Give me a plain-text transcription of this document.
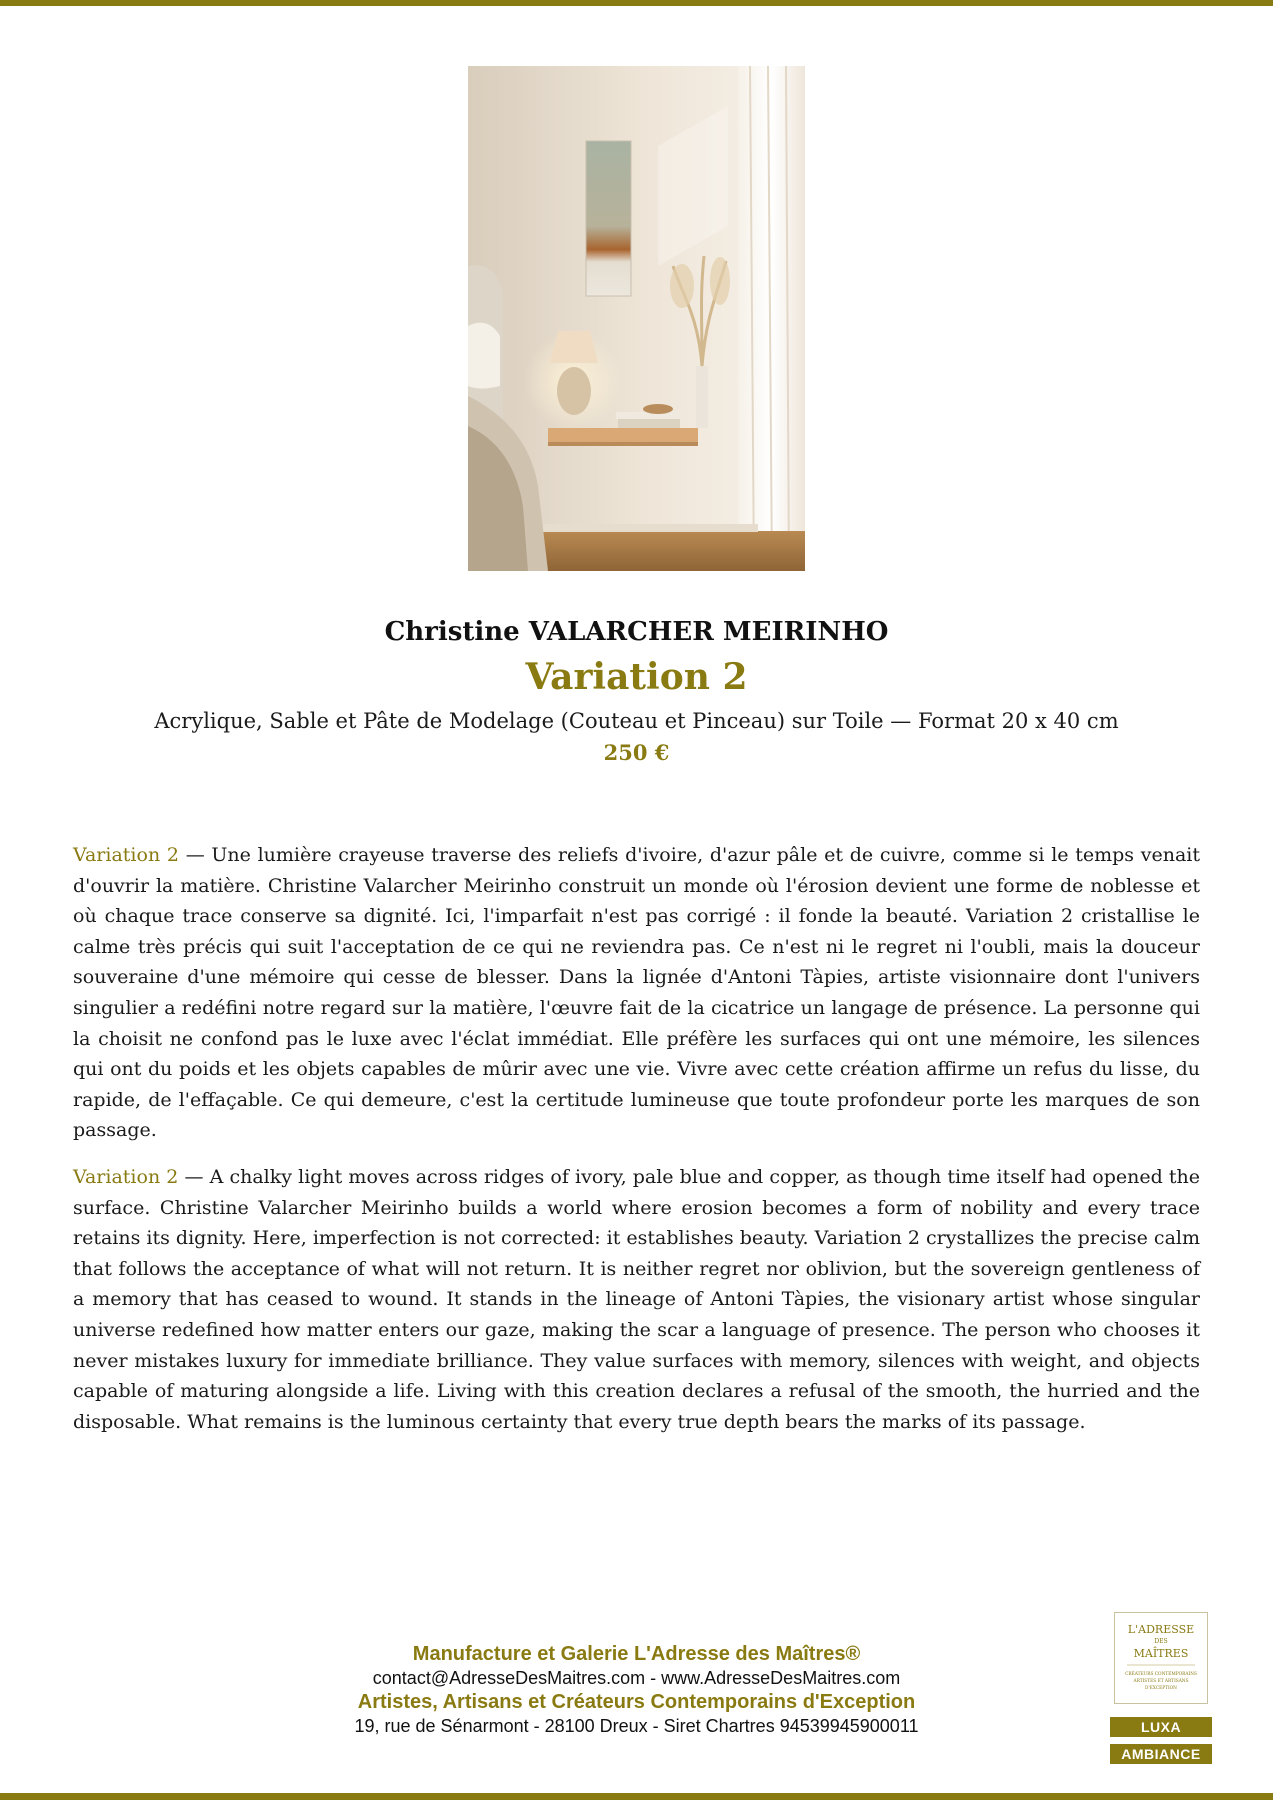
Christine VALARCHER MEIRINHO
Variation 2
Acrylique, Sable et Pâte de Modelage (Couteau et Pinceau) sur Toile — Format 20 x 40 cm
250 €

Variation 2 — Une lumière crayeuse traverse des reliefs d'ivoire, d'azur pâle et de cuivre, comme si le temps venait d'ouvrir la matière. Christine Valarcher Meirinho construit un monde où l'érosion devient une forme de noblesse et où chaque trace conserve sa dignité. Ici, l'imparfait n'est pas corrigé : il fonde la beauté. Variation 2 cristallise le calme très précis qui suit l'acceptation de ce qui ne reviendra pas. Ce n'est ni le regret ni l'oubli, mais la douceur souveraine d'une mémoire qui cesse de blesser. Dans la lignée d'Antoni Tàpies, artiste visionnaire dont l'univers singulier a redéfini notre regard sur la matière, l'œuvre fait de la cicatrice un langage de présence. La personne qui la choisit ne confond pas le luxe avec l'éclat immédiat. Elle préfère les surfaces qui ont une mémoire, les silences qui ont du poids et les objets capables de mûrir avec une vie. Vivre avec cette création affirme un refus du lisse, du rapide, de l'effaçable. Ce qui demeure, c'est la certitude lumineuse que toute profondeur porte les marques de son passage.

Variation 2 — A chalky light moves across ridges of ivory, pale blue and copper, as though time itself had opened the surface. Christine Valarcher Meirinho builds a world where erosion becomes a form of nobility and every trace retains its dignity. Here, imperfection is not corrected: it establishes beauty. Variation 2 crystallizes the precise calm that follows the acceptance of what will not return. It is neither regret nor oblivion, but the sovereign gentleness of a memory that has ceased to wound. It stands in the lineage of Antoni Tàpies, the visionary artist whose singular universe redefined how matter enters our gaze, making the scar a language of presence. The person who chooses it never mistakes luxury for immediate brilliance. They value surfaces with memory, silences with weight, and objects capable of maturing alongside a life. Living with this creation declares a refusal of the smooth, the hurried and the disposable. What remains is the luminous certainty that every true depth bears the marks of its passage.

Manufacture et Galerie L'Adresse des Maîtres®
contact@AdresseDesMaitres.com - www.AdresseDesMaitres.com
Artistes, Artisans et Créateurs Contemporains d'Exception
19, rue de Sénarmont - 28100 Dreux - Siret Chartres 94539945900011
L'ADRESSE
DES
MAÎTRES
CRÉATEURS CONTEMPORAINS
ARTISTES ET ARTISANS
D'EXCEPTION
LUXA
AMBIANCE
